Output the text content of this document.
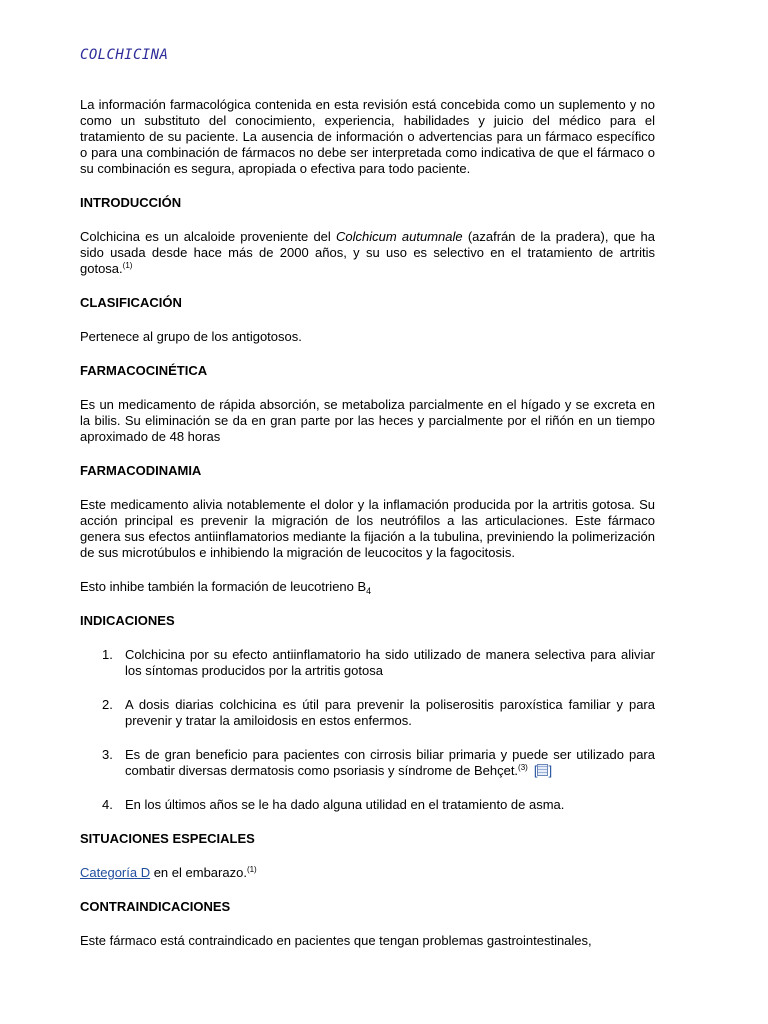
COLCHICINA

La información farmacológica contenida en esta revisión está concebida como un suplemento y no como un substituto del conocimiento, experiencia, habilidades y juicio del médico para el tratamiento de su paciente. La ausencia de información o advertencias para un fármaco específico o para una combinación de fármacos no debe ser interpretada como indicativa de que el fármaco o su combinación es segura, apropiada o efectiva para todo paciente.

INTRODUCCIÓN

Colchicina es un alcaloide proveniente del Colchicum autumnale (azafrán de la pradera), que ha sido usada desde hace más de 2000 años, y su uso es selectivo en el tratamiento de artritis gotosa.$^{(1)}$

CLASIFICACIÓN

Pertenece al grupo de los antigotosos.

FARMACOCINÉTICA

Es un medicamento de rápida absorción, se metaboliza parcialmente en el hígado y se excreta en la bilis. Su eliminación se da en gran parte por las heces y parcialmente por el riñón en un tiempo aproximado de 48 horas

FARMACODINAMIA

Este medicamento alivia notablemente el dolor y la inflamación producida por la artritis gotosa. Su acción principal es prevenir la migración de los neutrófilos a las articulaciones. Este fármaco genera sus efectos antiinflamatorios mediante la fijación a la tubulina, previniendo la polimerización de sus microtúbulos e inhibiendo la migración de leucocitos y la fagocitosis.

Esto inhibe también la formación de leucotrieno $B_4$

INDICACIONES
1. Colchicina por su efecto antiinflamatorio ha sido utilizado de manera selectiva para aliviar los síntomas producidos por la artritis gotosa
2. A dosis diarias colchicina es útil para prevenir la poliserositis paroxística familiar y para prevenir y tratar la amiloidosis en estos enfermos.
3. Es de gran beneficio para pacientes con cirrosis biliar primaria y puede ser utilizado para combatir diversas dermatosis como psoriasis y síndrome de Behçet.$^{(3)}$ [ ]
4. En los últimos años se le ha dado alguna utilidad en el tratamiento de asma.
SITUACIONES ESPECIALES

Categoría D en el embarazo.$^{(1)}$

CONTRAINDICACIONES

Este fármaco está contraindicado en pacientes que tengan problemas gastrointestinales,
